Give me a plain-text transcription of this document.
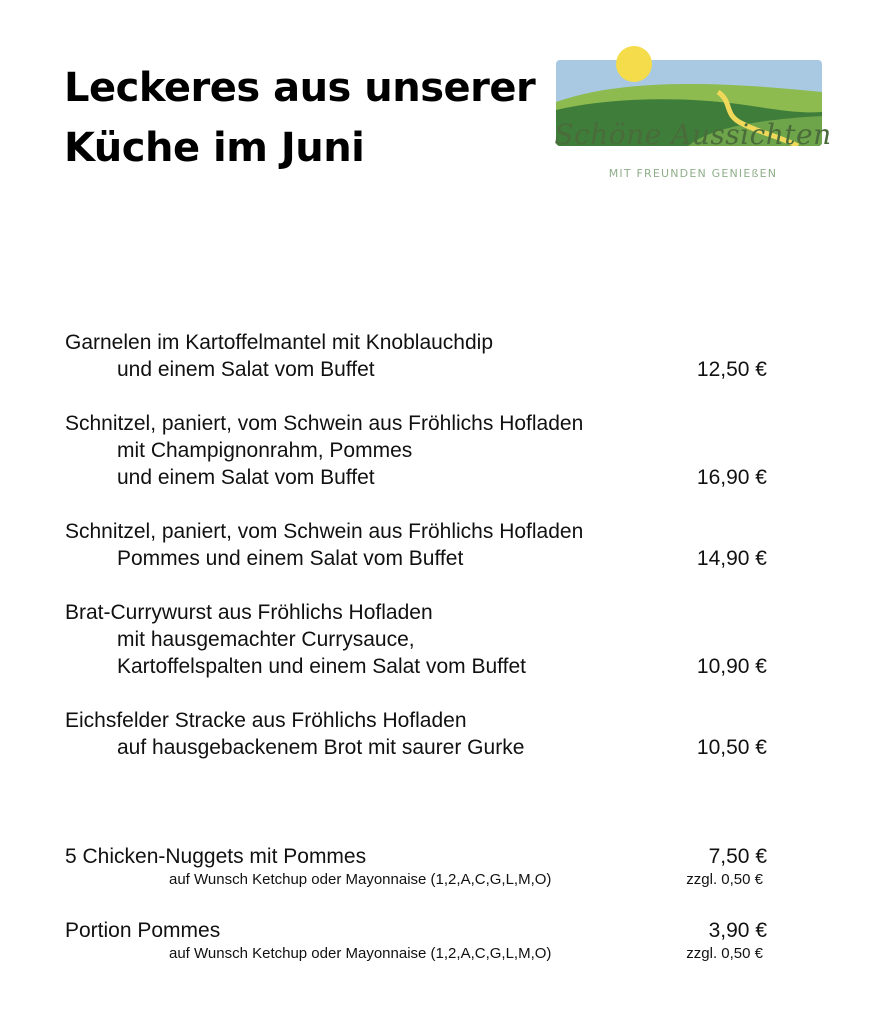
Leckeres aus unserer
Küche im Juni	Schöne Aussichten
MIT FREUNDEN GENIEßEN
Garnelen im Kartoffelmantel mit Knoblauchdip
und einem Salat vom Buffet	12,50 €
Schnitzel, paniert, vom Schwein aus Fröhlichs Hofladen
mit Champignonrahm, Pommes
und einem Salat vom Buffet	16,90 €
Schnitzel, paniert, vom Schwein aus Fröhlichs Hofladen
Pommes und einem Salat vom Buffet	14,90 €
Brat-Currywurst aus Fröhlichs Hofladen
mit hausgemachter Currysauce,
Kartoffelspalten und einem Salat vom Buffet	10,90 €
Eichsfelder Stracke aus Fröhlichs Hofladen
auf hausgebackenem Brot mit saurer Gurke	10,50 €
5 Chicken-Nuggets mit Pommes	7,50 €
auf Wunsch Ketchup oder Mayonnaise (1,2,A,C,G,L,M,O)	zzgl. 0,50 €
Portion Pommes	3,90 €
auf Wunsch Ketchup oder Mayonnaise (1,2,A,C,G,L,M,O)	zzgl. 0,50 €
